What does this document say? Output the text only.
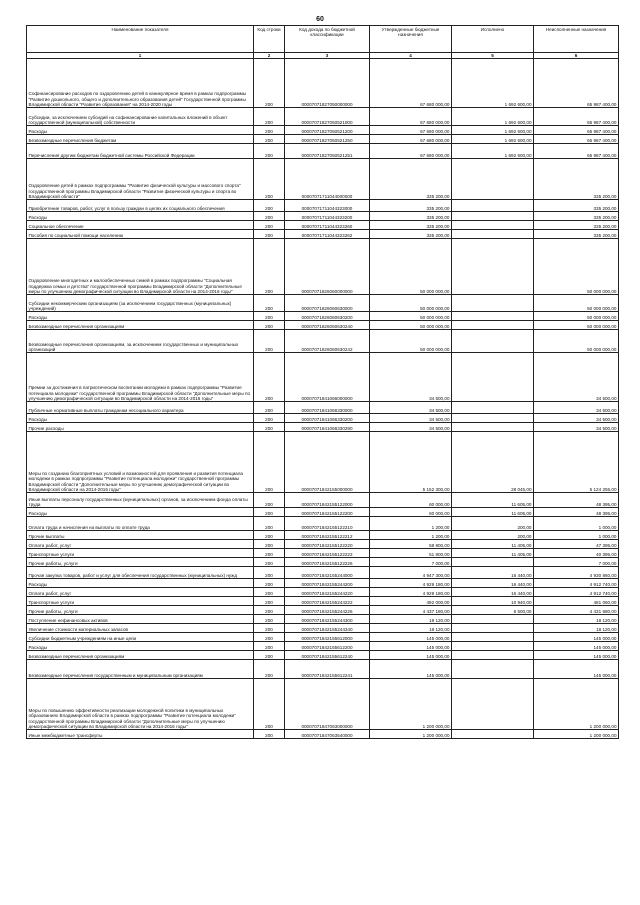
60
Наименование показателя	Код строки	Код дохода по бюджетной классификации	Утвержденные бюджетные назначения	Исполнено	Неисполненные назначения
1	2	3	4	5	6
Софинансирование расходов по оздоровлению детей в каникулярное время в рамках подпрограммы "Развитие дошкольного, общего и дополнительного образования детей" Государственной программы Владимирской области "Развитие образования" на 2014-2020 годы	200	00007071827050000000	67 680 000,00	1 692 600,00	65 987 400,00
Субсидии, за исключением субсидий на софинансирование капитальных вложений в объект государственной (муниципальной) собственности	200	00007071827050521000	67 680 000,00	1 692 600,00	65 987 400,00
Расходы	200	00007071827050521200	67 680 000,00	1 692 600,00	65 987 400,00
Безвозмездные перечисления бюджетам	200	00007071827050521250	67 680 000,00	1 692 600,00	65 987 400,00
Перечисления другим бюджетам бюджетной системы Российской Федерации	200	00007071827050521251	67 680 000,00	1 692 600,00	65 987 400,00
Оздоровление детей в рамках подпрограммы "Развитие физической культуры и массового спорта" государственной программы Владимирской области "Развитие физической культуры и спорта во Владимирской области"	200	00007071711044000000	335 200,00		335 200,00
Приобретение товаров, работ, услуг в пользу граждан в целях их социального обеспечения	200	00007071711044323000	335 200,00		335 200,00
Расходы	200	00007071711044323200	335 200,00		335 200,00
Социальное обеспечение	200	00007071711044323260	335 200,00		335 200,00
Пособия по социальной помощи населению	200	00007071711044323262	335 200,00		335 200,00
Оздоровление многодетных и малообеспеченных семей в рамках подпрограммы "Социальная поддержка семьи и детства" государственной программы Владимирской области "Дополнительные меры по улучшению демографической ситуации во Владимирской области на 2014-2016 годы"	200	00007071826060000000	50 000 000,00		50 000 000,00
Субсидии некоммерческим организациям (за исключением государственных (муниципальных) учреждений)	200	00007071826060630000	50 000 000,00		50 000 000,00
Расходы	200	00007071826060630200	50 000 000,00		50 000 000,00
Безвозмездные перечисления организациям	200	00007071826060630240	50 000 000,00		50 000 000,00
Безвозмездные перечисления организациям, за исключением государственных и муниципальных организаций	200	00007071826060630242	50 000 000,00		50 000 000,00
Премии за достижения в патриотическом воспитании молодежи в рамках подпрограммы "Развитие потенциала молодежи" государственной программы Владимирской области "Дополнительные меры по улучшению демографической ситуации во Владимирской области на 2014-2016 годы"	200	00007071841066000000	34 500,00		34 500,00
Публичные нормативные выплаты гражданам несоциального характера	200	00007071841066330000	34 500,00		34 500,00
Расходы	200	00007071841066330200	34 500,00		34 500,00
Прочие расходы	200	00007071841066330290	34 500,00		34 500,00
Меры по созданию благоприятных условий и возможностей для проявления и развития потенциала молодежи в рамках подпрограммы "Развитие потенциала молодежи" государственной программы Владимирской области "Дополнительные меры по улучшению демографической ситуации во Владимирской области на 2014-2016 годы"	200	00007071842155000000	5 152 300,00	28 045,00	5 124 255,00
Иные выплаты персоналу государственных (муниципальных) органов, за исключением фонда оплаты труда	200	00007071842155122000	60 000,00	11 605,00	48 395,00
Расходы	200	00007071842155122200	60 000,00	11 605,00	48 395,00
Оплата труда и начисления на выплаты по оплате труда	200	00007071842155122210	1 200,00	200,00	1 000,00
Прочие выплаты	200	00007071842155122212	1 200,00	200,00	1 000,00
Оплата работ, услуг	200	00007071842155122220	58 800,00	11 405,00	47 395,00
Транспортные услуги	200	00007071842155122222	51 800,00	11 405,00	40 395,00
Прочие работы, услуги	200	00007071842155122226	7 000,00		7 000,00
Прочая закупка товаров, работ и услуг для обеспечения государственных (муниципальных) нужд	200	00007071842155244000	4 947 300,00	16 440,00	4 930 860,00
Расходы	200	00007071842155244200	4 929 180,00	16 440,00	4 912 740,00
Оплата работ, услуг	200	00007071842155244220	4 929 180,00	16 440,00	4 912 740,00
Транспортные услуги	200	00007071842155244222	492 000,00	10 940,00	481 060,00
Прочие работы, услуги	200	00007071842155244226	4 437 180,00	5 500,00	4 431 680,00
Поступление нефинансовых активов	200	00007071842155244300	18 120,00		18 120,00
Увеличение стоимости материальных запасов	200	00007071842155244340	18 120,00		18 120,00
Субсидии бюджетным учреждениям на иные цели	200	00007071842155612000	145 000,00		145 000,00
Расходы	200	00007071842155612200	145 000,00		145 000,00
Безвозмездные перечисления организациям	200	00007071842155612240	145 000,00		145 000,00
Безвозмездные перечисления государственным и муниципальным организациям	200	00007071842155612241	145 000,00		145 000,00
Меры по повышению эффективности реализации молодежной политики в муниципальных образованиях Владимирской области в рамках подпрограммы "Развитие потенциала молодежи" государственной программы Владимирской области "Дополнительные меры по улучшению демографической ситуации во Владимирской области на 2014-2016 годы"	200	00007071847063000000	1 200 000,00		1 200 000,00
Иные межбюджетные трансферты	200	00007071847063540000	1 200 000,00		1 200 000,00
